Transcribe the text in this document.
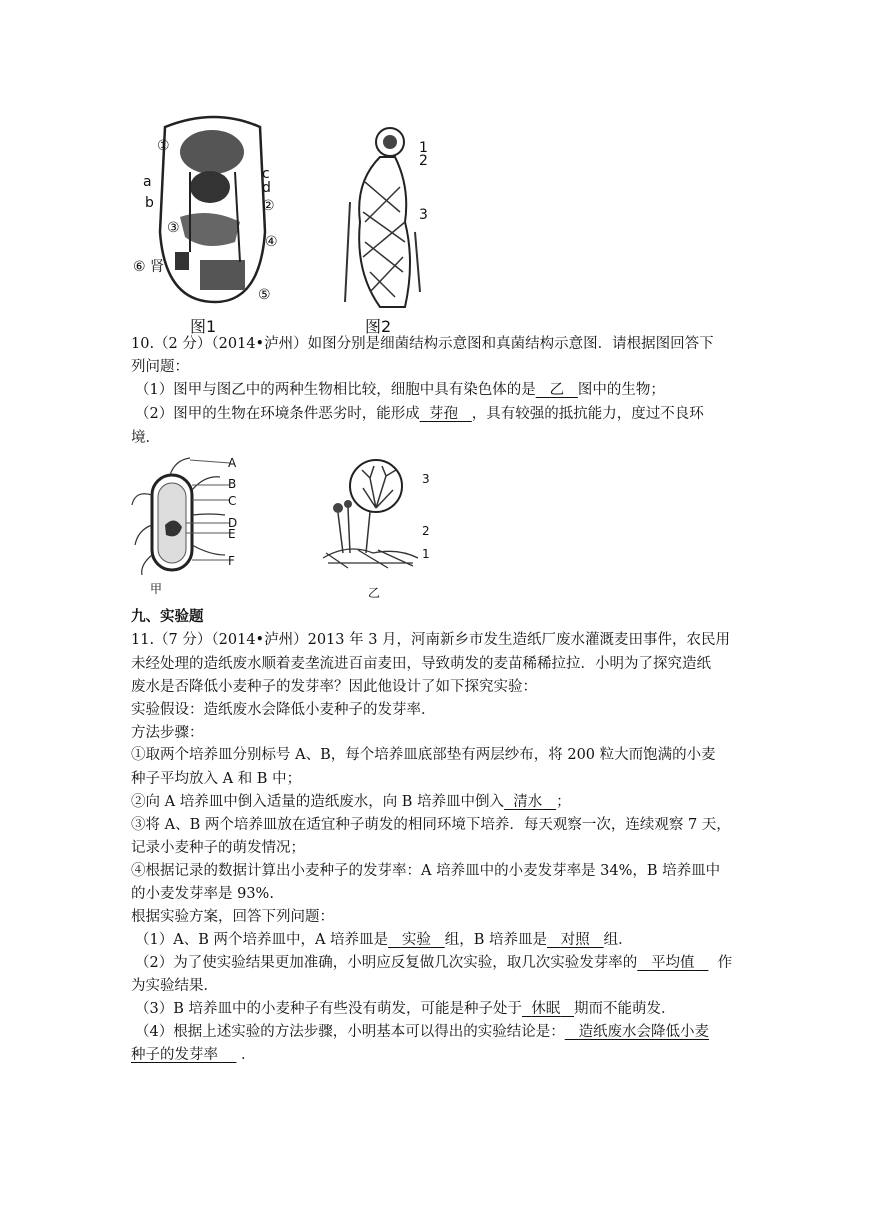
①
c
a	d
b	②
③
④
⑥ 肾
⑤
图1
1
2
3
图2
10.（2 分）（2014•泸州）如图分别是细菌结构示意图和真菌结构示意图．请根据图回答下
列问题：
（1）图甲与图乙中的两种生物相比较，细胞中具有染色体的是 乙 图中的生物；
（2）图甲的生物在环境条件恶劣时，能形成 芽孢 ，具有较强的抵抗能力，度过不良环
境．
A
B
C
D
E
F
甲
3
2
1
乙
九、实验题
11.（7 分）（2014•泸州）2013 年 3 月，河南新乡市发生造纸厂废水灌溉麦田事件，农民用
未经处理的造纸废水顺着麦垄流进百亩麦田，导致萌发的麦苗稀稀拉拉．小明为了探究造纸
废水是否降低小麦种子的发芽率？因此他设计了如下探究实验：
实验假设：造纸废水会降低小麦种子的发芽率．
方法步骤：
①取两个培养皿分别标号 A、B，每个培养皿底部垫有两层纱布，将 200 粒大而饱满的小麦
种子平均放入 A 和 B 中；
②向 A 培养皿中倒入适量的造纸废水，向 B 培养皿中倒入 清水 ；
③将 A、B 两个培养皿放在适宜种子萌发的相同环境下培养．每天观察一次，连续观察 7 天，
记录小麦种子的萌发情况；
④根据记录的数据计算出小麦种子的发芽率：A 培养皿中的小麦发芽率是 34%，B 培养皿中
的小麦发芽率是 93%.
根据实验方案，回答下列问题：
（1）A、B 两个培养皿中，A 培养皿是 实验 组，B 培养皿是 对照 组．
（2）为了使实验结果更加准确，小明应反复做几次实验，取几次实验发芽率的 平均值 作
为实验结果．
（3）B 培养皿中的小麦种子有些没有萌发，可能是种子处于 休眠 期而不能萌发．
（4）根据上述实验的方法步骤，小明基本可以得出的实验结论是： 造纸废水会降低小麦
种子的发芽率 ．
